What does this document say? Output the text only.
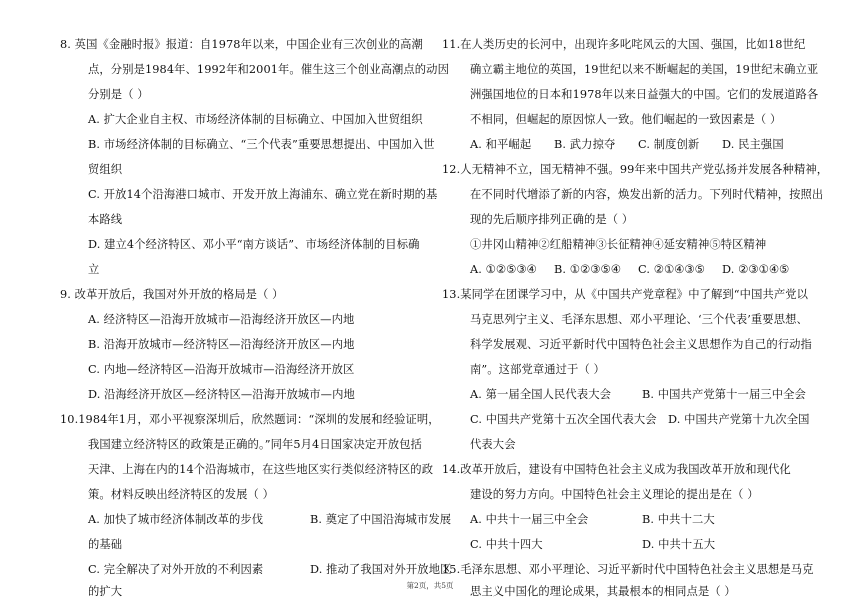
8. 英国《金融时报》报道：自1978年以来，中国企业有三次创业的高潮
点，分别是1984年、1992年和2001年。催生这三个创业高潮点的动因
分别是（ ）
A. 扩大企业自主权、市场经济体制的目标确立、中国加入世贸组织
B. 市场经济体制的目标确立、“三个代表”重要思想提出、中国加入世
贸组织
C. 开放14个沿海港口城市、开发开放上海浦东、确立党在新时期的基
本路线
D. 建立4个经济特区、邓小平“南方谈话”、市场经济体制的目标确
立
9. 改革开放后，我国对外开放的格局是（ ）
A. 经济特区—沿海开放城市—沿海经济开放区—内地
B. 沿海开放城市—经济特区—沿海经济开放区—内地
C. 内地—经济特区—沿海开放城市—沿海经济开放区
D. 沿海经济开放区—经济特区—沿海开放城市—内地
10.1984年1月，邓小平视察深圳后，欣然题词：“深圳的发展和经验证明，
我国建立经济特区的政策是正确的。”同年5月4日国家决定开放包括
天津、上海在内的14个沿海城市，在这些地区实行类似经济特区的政
策。材料反映出经济特区的发展（ ）
A. 加快了城市经济体制改革的步伐	B. 奠定了中国沿海城市发展
的基础
C. 完全解决了对外开放的不利因素	D. 推动了我国对外开放地区
的扩大
11.在人类历史的长河中，出现许多叱咤风云的大国、强国，比如18世纪
确立霸主地位的英国，19世纪以来不断崛起的美国，19世纪末确立亚
洲强国地位的日本和1978年以来日益强大的中国。它们的发展道路各
不相同，但崛起的原因惊人一致。他们崛起的一致因素是（ ）
A. 和平崛起 B. 武力掠夺 C. 制度创新 D. 民主强国
12.人无精神不立，国无精神不强。99年来中国共产党弘扬并发展各种精神，
在不同时代增添了新的内容，焕发出新的活力。下列时代精神，按照出
现的先后顺序排列正确的是（ ）
①井冈山精神②红船精神③长征精神④延安精神⑤特区精神
A. ①②⑤③④ B. ①②③⑤④ C. ②①④③⑤ D. ②③①④⑤
13.某同学在团课学习中，从《中国共产党章程》中了解到“中国共产党以
马克思列宁主义、毛泽东思想、邓小平理论、‘三个代表’重要思想、
科学发展观、习近平新时代中国特色社会主义思想作为自己的行动指
南”。这部党章通过于（ ）
A. 第一届全国人民代表大会	B. 中国共产党第十一届三中全会
C. 中国共产党第十五次全国代表大会 D. 中国共产党第十九次全国
代表大会
14.改革开放后，建设有中国特色社会主义成为我国改革开放和现代化
建设的努力方向。中国特色社会主义理论的提出是在（ ）
A. 中共十一届三中全会	B. 中共十二大
C. 中共十四大	D. 中共十五大
15.毛泽东思想、邓小平理论、习近平新时代中国特色社会主义思想是马克
思主义中国化的理论成果，其最根本的相同点是（ ）
第2页，共5页
